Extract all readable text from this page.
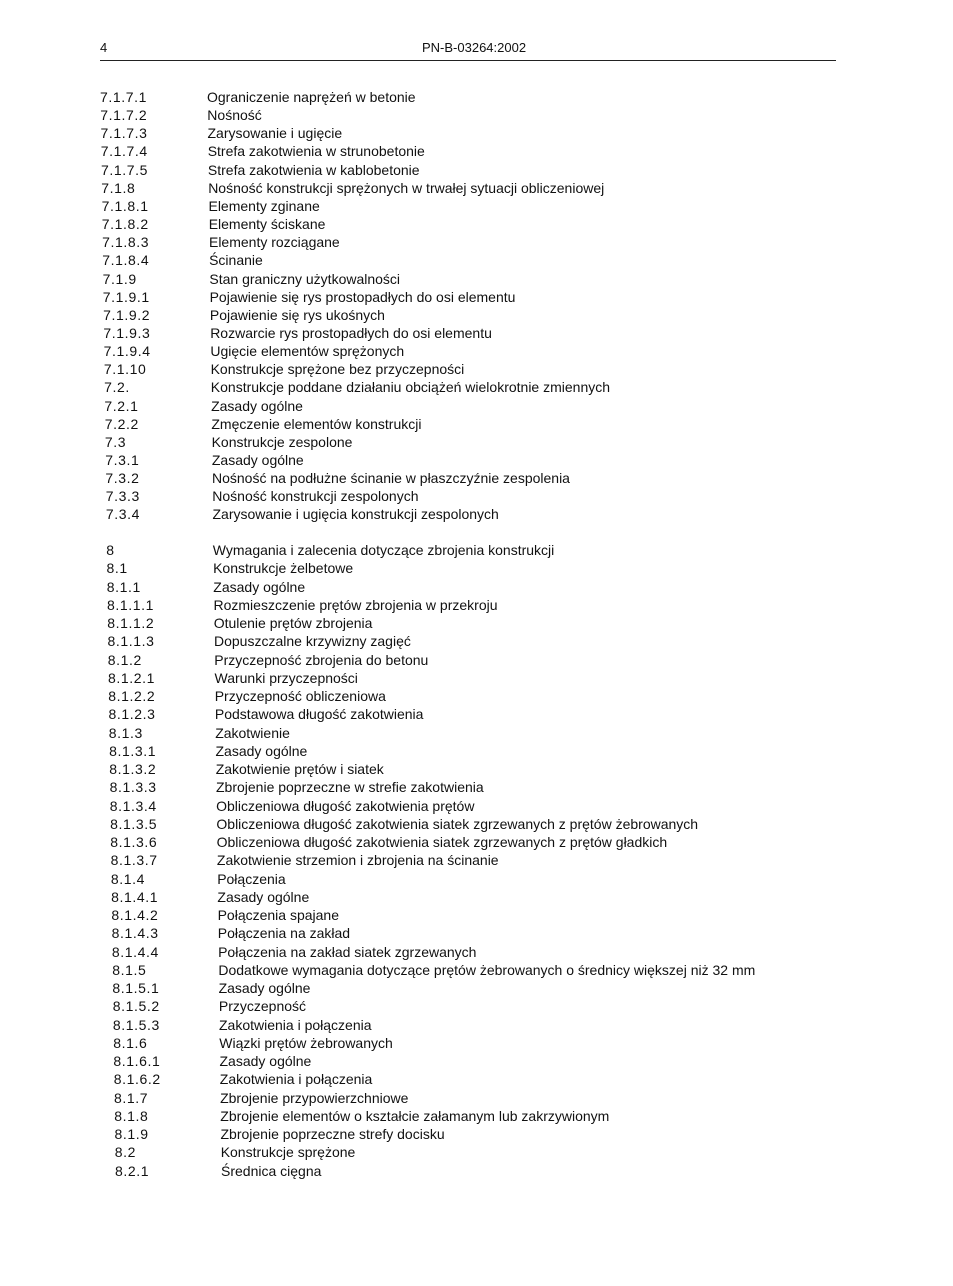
4	PN-B-03264:2002
7.1.7.1	Ograniczenie naprężeń w betonie
7.1.7.2	Nośność
7.1.7.3	Zarysowanie i ugięcie
7.1.7.4	Strefa zakotwienia w strunobetonie
7.1.7.5	Strefa zakotwienia w kablobetonie
7.1.8	Nośność konstrukcji sprężonych w trwałej sytuacji obliczeniowej
7.1.8.1	Elementy zginane
7.1.8.2	Elementy ściskane
7.1.8.3	Elementy rozciągane
7.1.8.4	Ścinanie
7.1.9	Stan graniczny użytkowalności
7.1.9.1	Pojawienie się rys prostopadłych do osi elementu
7.1.9.2	Pojawienie się rys ukośnych
7.1.9.3	Rozwarcie rys prostopadłych do osi elementu
7.1.9.4	Ugięcie elementów sprężonych
7.1.10	Konstrukcje sprężone bez przyczepności
7.2.	Konstrukcje poddane działaniu obciążeń wielokrotnie zmiennych
7.2.1	Zasady ogólne
7.2.2	Zmęczenie elementów konstrukcji
7.3	Konstrukcje zespolone
7.3.1	Zasady ogólne
7.3.2	Nośność na podłużne ścinanie w płaszczyźnie zespolenia
7.3.3	Nośność konstrukcji zespolonych
7.3.4	Zarysowanie i ugięcia konstrukcji zespolonych
8	Wymagania i zalecenia dotyczące zbrojenia konstrukcji
8.1	Konstrukcje żelbetowe
8.1.1	Zasady ogólne
8.1.1.1	Rozmieszczenie prętów zbrojenia w przekroju
8.1.1.2	Otulenie prętów zbrojenia
8.1.1.3	Dopuszczalne krzywizny zagięć
8.1.2	Przyczepność zbrojenia do betonu
8.1.2.1	Warunki przyczepności
8.1.2.2	Przyczepność obliczeniowa
8.1.2.3	Podstawowa długość zakotwienia
8.1.3	Zakotwienie
8.1.3.1	Zasady ogólne
8.1.3.2	Zakotwienie prętów i siatek
8.1.3.3	Zbrojenie poprzeczne w strefie zakotwienia
8.1.3.4	Obliczeniowa długość zakotwienia prętów
8.1.3.5	Obliczeniowa długość zakotwienia siatek zgrzewanych z prętów żebrowanych
8.1.3.6	Obliczeniowa długość zakotwienia siatek zgrzewanych z prętów gładkich
8.1.3.7	Zakotwienie strzemion i zbrojenia na ścinanie
8.1.4	Połączenia
8.1.4.1	Zasady ogólne
8.1.4.2	Połączenia spajane
8.1.4.3	Połączenia na zakład
8.1.4.4	Połączenia na zakład siatek zgrzewanych
8.1.5	Dodatkowe wymagania dotyczące prętów żebrowanych o średnicy większej niż 32 mm
8.1.5.1	Zasady ogólne
8.1.5.2	Przyczepność
8.1.5.3	Zakotwienia i połączenia
8.1.6	Wiązki prętów żebrowanych
8.1.6.1	Zasady ogólne
8.1.6.2	Zakotwienia i połączenia
8.1.7	Zbrojenie przypowierzchniowe
8.1.8	Zbrojenie elementów o kształcie załamanym lub zakrzywionym
8.1.9	Zbrojenie poprzeczne strefy docisku
8.2	Konstrukcje sprężone
8.2.1	Średnica cięgna
